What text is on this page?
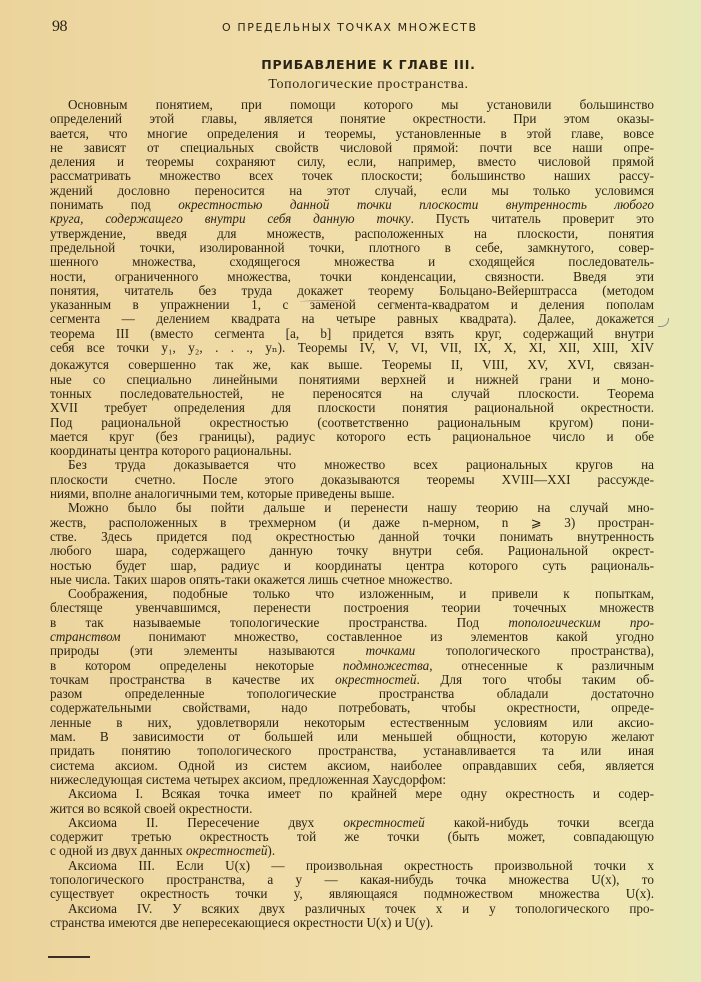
98	О ПРЕДЕЛЬНЫХ ТОЧКАХ МНОЖЕСТВ
ПРИБАВЛЕНИЕ К ГЛАВЕ III.
Топологические пространства.
Основным понятием, при помощи которого мы установили большинство
определений этой главы, является понятие окрестности. При этом оказы-
вается, что многие определения и теоремы, установленные в этой главе, вовсе
не зависят от специальных свойств числовой прямой: почти все наши опре-
деления и теоремы сохраняют силу, если, например, вместо числовой прямой
рассматривать множество всех точек плоскости; большинство наших рассу-
ждений дословно переносится на этот случай, если мы только условимся
понимать под окрестностью данной точки плоскости внутренность любого
круга, содержащего внутри себя данную точку. Пусть читатель проверит это
утверждение, введя для множеств, расположенных на плоскости, понятия
предельной точки, изолированной точки, плотного в себе, замкнутого, совер-
шенного множества, сходящегося множества и сходящейся последователь-
ности, ограниченного множества, точки конденсации, связности. Введя эти
понятия, читатель без труда докажет теорему Больцано-Вейерштрасса (методом
указанным в упражнении 1, с заменой сегмента-квадратом и деления пополам
сегмента — делением квадрата на четыре равных квадрата). Далее, докажется
теорема III (вместо сегмента [a, b] придется взять круг, содержащий внутри
себя все точки y₁, y₂, . . ., yₙ). Теоремы IV, V, VI, VII, IX, X, XI, XII, XIII, XIV
докажутся совершенно так же, как выше. Теоремы II, VIII, XV, XVI, связан-
ные со специально линейными понятиями верхней и нижней грани и моно-
тонных последовательностей, не переносятся на случай плоскости. Теорема
XVII требует определения для плоскости понятия рациональной окрестности.
Под рациональной окрестностью (соответственно рациональным кругом) пони-
мается круг (без границы), радиус которого есть рациональное число и обе
координаты центра которого рациональны.
Без труда доказывается что множество всех рациональных кругов на
плоскости счетно. После этого доказываются теоремы XVIII—XXI рассужде-
ниями, вполне аналогичными тем, которые приведены выше.
Можно было бы пойти дальше и перенести нашу теорию на случай мно-
жеств, расположенных в трехмерном (и даже n-мерном, n ⩾ 3) простран-
стве. Здесь придется под окрестностью данной точки понимать внутренность
любого шара, содержащего данную точку внутри себя. Рациональной окрест-
ностью будет шар, радиус и координаты центра которого суть рациональ-
ные числа. Таких шаров опять-таки окажется лишь счетное множество.
Соображения, подобные только что изложенным, и привели к попыткам,
блестяще увенчавшимся, перенести построения теории точечных множеств
в так называемые топологические пространства. Под топологическим про-
странством понимают множество, составленное из элементов какой угодно
природы (эти элементы называются точками топологического пространства),
в котором определены некоторые подмножества, отнесенные к различным
точкам пространства в качестве их окрестностей. Для того чтобы таким об-
разом определенные топологические пространства обладали достаточно
содержательными свойствами, надо потребовать, чтобы окрестности, опреде-
ленные в них, удовлетворяли некоторым естественным условиям или аксио-
мам. В зависимости от большей или меньшей общности, которую желают
придать понятию топологического пространства, устанавливается та или иная
система аксиом. Одной из систем аксиом, наиболее оправдавших себя, является
нижеследующая система четырех аксиом, предложенная Хаусдорфом:
Аксиома I. Всякая точка имеет по крайней мере одну окрестность и содер-
жится во всякой своей окрестности.
Аксиома II. Пересечение двух окрестностей какой-нибудь точки всегда
содержит третью окрестность той же точки (быть может, совпадающую
с одной из двух данных окрестностей).
Аксиома III. Если U(x) — произвольная окрестность произвольной точки x
топологического пространства, а y — какая-нибудь точка множества U(x), то
существует окрестность точки y, являющаяся подмножеством множества U(x).
Аксиома IV. У всяких двух различных точек x и y топологического про-
странства имеются две непересекающиеся окрестности U(x) и U(y).
